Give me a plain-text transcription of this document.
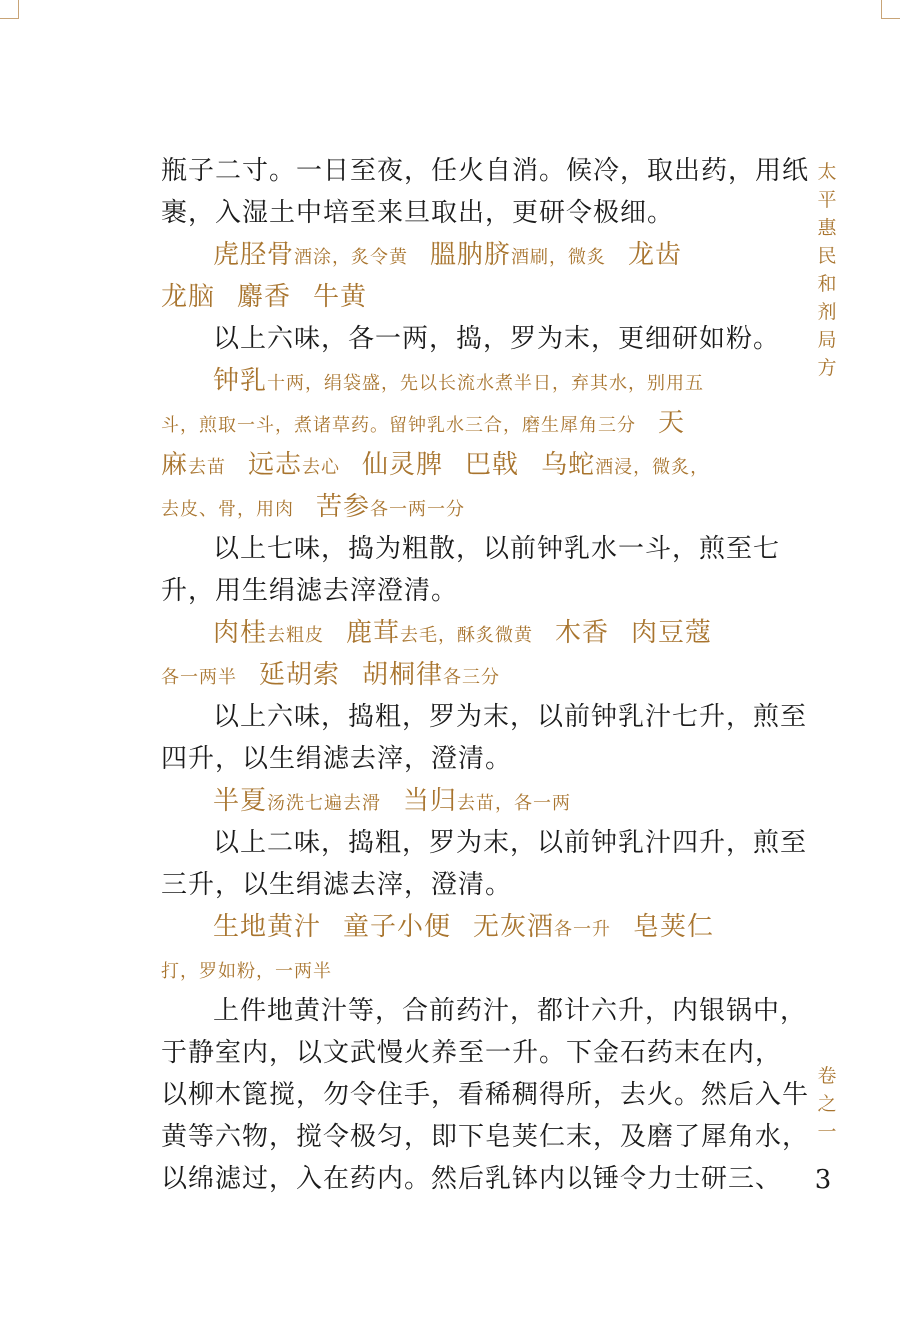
瓶子二寸。一日至夜，任火自消。候冷，取出药，用纸
裹，入湿土中培至来旦取出，更研令极细。
虎胫骨酒涂，炙令黄 膃肭脐酒刷，微炙 龙齿
龙脑 麝香 牛黄
以上六味，各一两，捣，罗为末，更细研如粉。
钟乳十两，绢袋盛，先以长流水煮半日，弃其水，别用五
斗，煎取一斗，煮诸草药。留钟乳水三合，磨生犀角三分 天
麻去苗 远志去心 仙灵脾 巴戟 乌蛇酒浸，微炙，
去皮、骨，用肉 苦参各一两一分
以上七味，捣为粗散，以前钟乳水一斗，煎至七
升，用生绢滤去滓澄清。
肉桂去粗皮 鹿茸去毛，酥炙微黄 木香 肉豆蔻
各一两半 延胡索 胡桐律各三分
以上六味，捣粗，罗为末，以前钟乳汁七升，煎至
四升，以生绢滤去滓，澄清。
半夏汤洗七遍去滑 当归去苗，各一两
以上二味，捣粗，罗为末，以前钟乳汁四升，煎至
三升，以生绢滤去滓，澄清。
生地黄汁 童子小便 无灰酒各一升 皂荚仁
打，罗如粉，一两半
上件地黄汁等，合前药汁，都计六升，内银锅中，
于静室内，以文武慢火养至一升。下金石药末在内，
以柳木篦搅，勿令住手，看稀稠得所，去火。然后入牛
黄等六物，搅令极匀，即下皂荚仁末，及磨了犀角水，
以绵滤过，入在药内。然后乳钵内以锤令力士研三、
太
平
惠
民
和
剂
局
方
卷
之
一
3
